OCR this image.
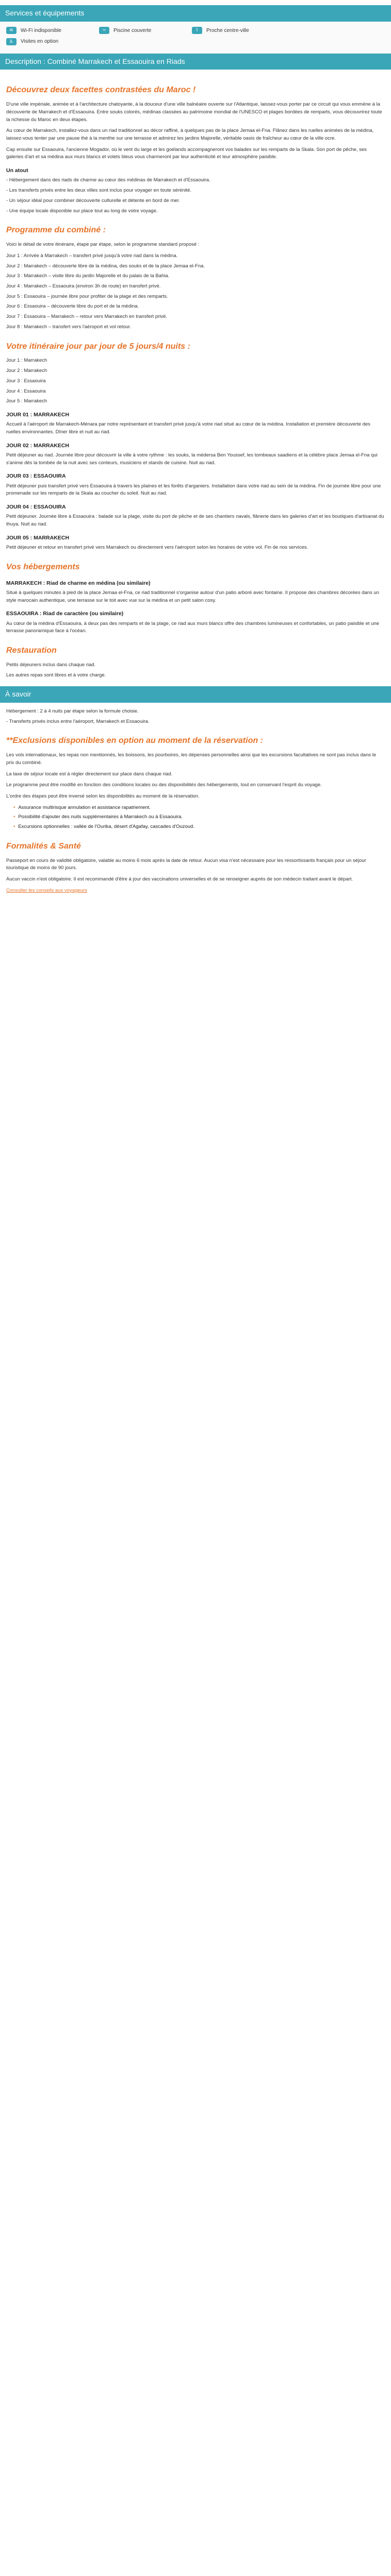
Services et équipements
≋	Wi-Fi indisponible	≈	Piscine couverte	⌇	Proche centre-ville
♿	Visites en option
Description : Combiné Marrakech et Essaouira en Riads
Découvrez deux facettes contrastées du Maroc !

D'une ville impériale, animée et à l'architecture chatoyante, à la douceur d'une ville balnéaire ouverte sur l'Atlantique, laissez-vous porter par ce circuit qui vous emmène à la découverte de Marrakech et d'Essaouira. Entre souks colorés, médinas classées au patrimoine mondial de l'UNESCO et plages bordées de remparts, vous découvrirez toute la richesse du Maroc en deux étapes.

Au cœur de Marrakech, installez-vous dans un riad traditionnel au décor raffiné, à quelques pas de la place Jemaa el-Fna. Flânez dans les ruelles animées de la médina, laissez-vous tenter par une pause thé à la menthe sur une terrasse et admirez les jardins Majorelle, véritable oasis de fraîcheur au cœur de la ville ocre.

Cap ensuite sur Essaouira, l'ancienne Mogador, où le vent du large et les goélands accompagneront vos balades sur les remparts de la Skala. Son port de pêche, ses galeries d'art et sa médina aux murs blancs et volets bleus vous charmeront par leur authenticité et leur atmosphère paisible.

Un atout

- Hébergement dans des riads de charme au cœur des médinas de Marrakech et d'Essaouira.

- Les transferts privés entre les deux villes sont inclus pour voyager en toute sérénité.

- Un séjour idéal pour combiner découverte culturelle et détente en bord de mer.

- Une équipe locale disponible sur place tout au long de votre voyage.

Programme du combiné :

Voici le détail de votre itinéraire, étape par étape, selon le programme standard proposé :

Jour 1 : Arrivée à Marrakech – transfert privé jusqu'à votre riad dans la médina.

Jour 2 : Marrakech – découverte libre de la médina, des souks et de la place Jemaa el-Fna.

Jour 3 : Marrakech – visite libre du jardin Majorelle et du palais de la Bahia.

Jour 4 : Marrakech – Essaouira (environ 3h de route) en transfert privé.

Jour 5 : Essaouira – journée libre pour profiter de la plage et des remparts.

Jour 6 : Essaouira – découverte libre du port et de la médina.

Jour 7 : Essaouira – Marrakech – retour vers Marrakech en transfert privé.

Jour 8 : Marrakech – transfert vers l'aéroport et vol retour.

Votre itinéraire jour par jour de 5 jours/4 nuits :

Jour 1 : Marrakech

Jour 2 : Marrakech

Jour 3 : Essaouira

Jour 4 : Essaouira

Jour 5 : Marrakech

JOUR 01 : MARRAKECH

Accueil à l'aéroport de Marrakech-Ménara par notre représentant et transfert privé jusqu'à votre riad situé au cœur de la médina. Installation et première découverte des ruelles environnantes. Dîner libre et nuit au riad.

JOUR 02 : MARRAKECH

Petit déjeuner au riad. Journée libre pour découvrir la ville à votre rythme : les souks, la médersa Ben Youssef, les tombeaux saadiens et la célèbre place Jemaa el-Fna qui s'anime dès la tombée de la nuit avec ses conteurs, musiciens et stands de cuisine. Nuit au riad.

JOUR 03 : ESSAOUIRA

Petit déjeuner puis transfert privé vers Essaouira à travers les plaines et les forêts d'arganiers. Installation dans votre riad au sein de la médina. Fin de journée libre pour une promenade sur les remparts de la Skala au coucher du soleil. Nuit au riad.

JOUR 04 : ESSAOUIRA

Petit déjeuner. Journée libre à Essaouira : balade sur la plage, visite du port de pêche et de ses chantiers navals, flânerie dans les galeries d'art et les boutiques d'artisanat du thuya. Nuit au riad.

JOUR 05 : MARRAKECH

Petit déjeuner et retour en transfert privé vers Marrakech ou directement vers l'aéroport selon les horaires de votre vol. Fin de nos services.

Vos hébergements
MARRAKECH : Riad de charme en médina (ou similaire)

Situé à quelques minutes à pied de la place Jemaa el-Fna, ce riad traditionnel s'organise autour d'un patio arboré avec fontaine. Il propose des chambres décorées dans un style marocain authentique, une terrasse sur le toit avec vue sur la médina et un petit salon cosy.

ESSAOUIRA : Riad de caractère (ou similaire)

Au cœur de la médina d'Essaouira, à deux pas des remparts et de la plage, ce riad aux murs blancs offre des chambres lumineuses et confortables, un patio paisible et une terrasse panoramique face à l'océan.

Restauration

Petits déjeuners inclus dans chaque riad.

Les autres repas sont libres et à votre charge.

À savoir

Hébergement : 2 à 4 nuits par étape selon la formule choisie.

- Transferts privés inclus entre l'aéroport, Marrakech et Essaouira.

**Exclusions disponibles en option au moment de la réservation :

Les vols internationaux, les repas non mentionnés, les boissons, les pourboires, les dépenses personnelles ainsi que les excursions facultatives ne sont pas inclus dans le prix du combiné.

La taxe de séjour locale est à régler directement sur place dans chaque riad.

Le programme peut être modifié en fonction des conditions locales ou des disponibilités des hébergements, tout en conservant l'esprit du voyage.

L'ordre des étapes peut être inversé selon les disponibilités au moment de la réservation.

• Assurance multirisque annulation et assistance rapatriement.
• Possibilité d'ajouter des nuits supplémentaires à Marrakech ou à Essaouira.
• Excursions optionnelles : vallée de l'Ourika, désert d'Agafay, cascades d'Ouzoud.
Formalités & Santé

Passeport en cours de validité obligatoire, valable au moins 6 mois après la date de retour. Aucun visa n'est nécessaire pour les ressortissants français pour un séjour touristique de moins de 90 jours.

Aucun vaccin n'est obligatoire. Il est recommandé d'être à jour des vaccinations universelles et de se renseigner auprès de son médecin traitant avant le départ.

Consulter les conseils aux voyageurs
